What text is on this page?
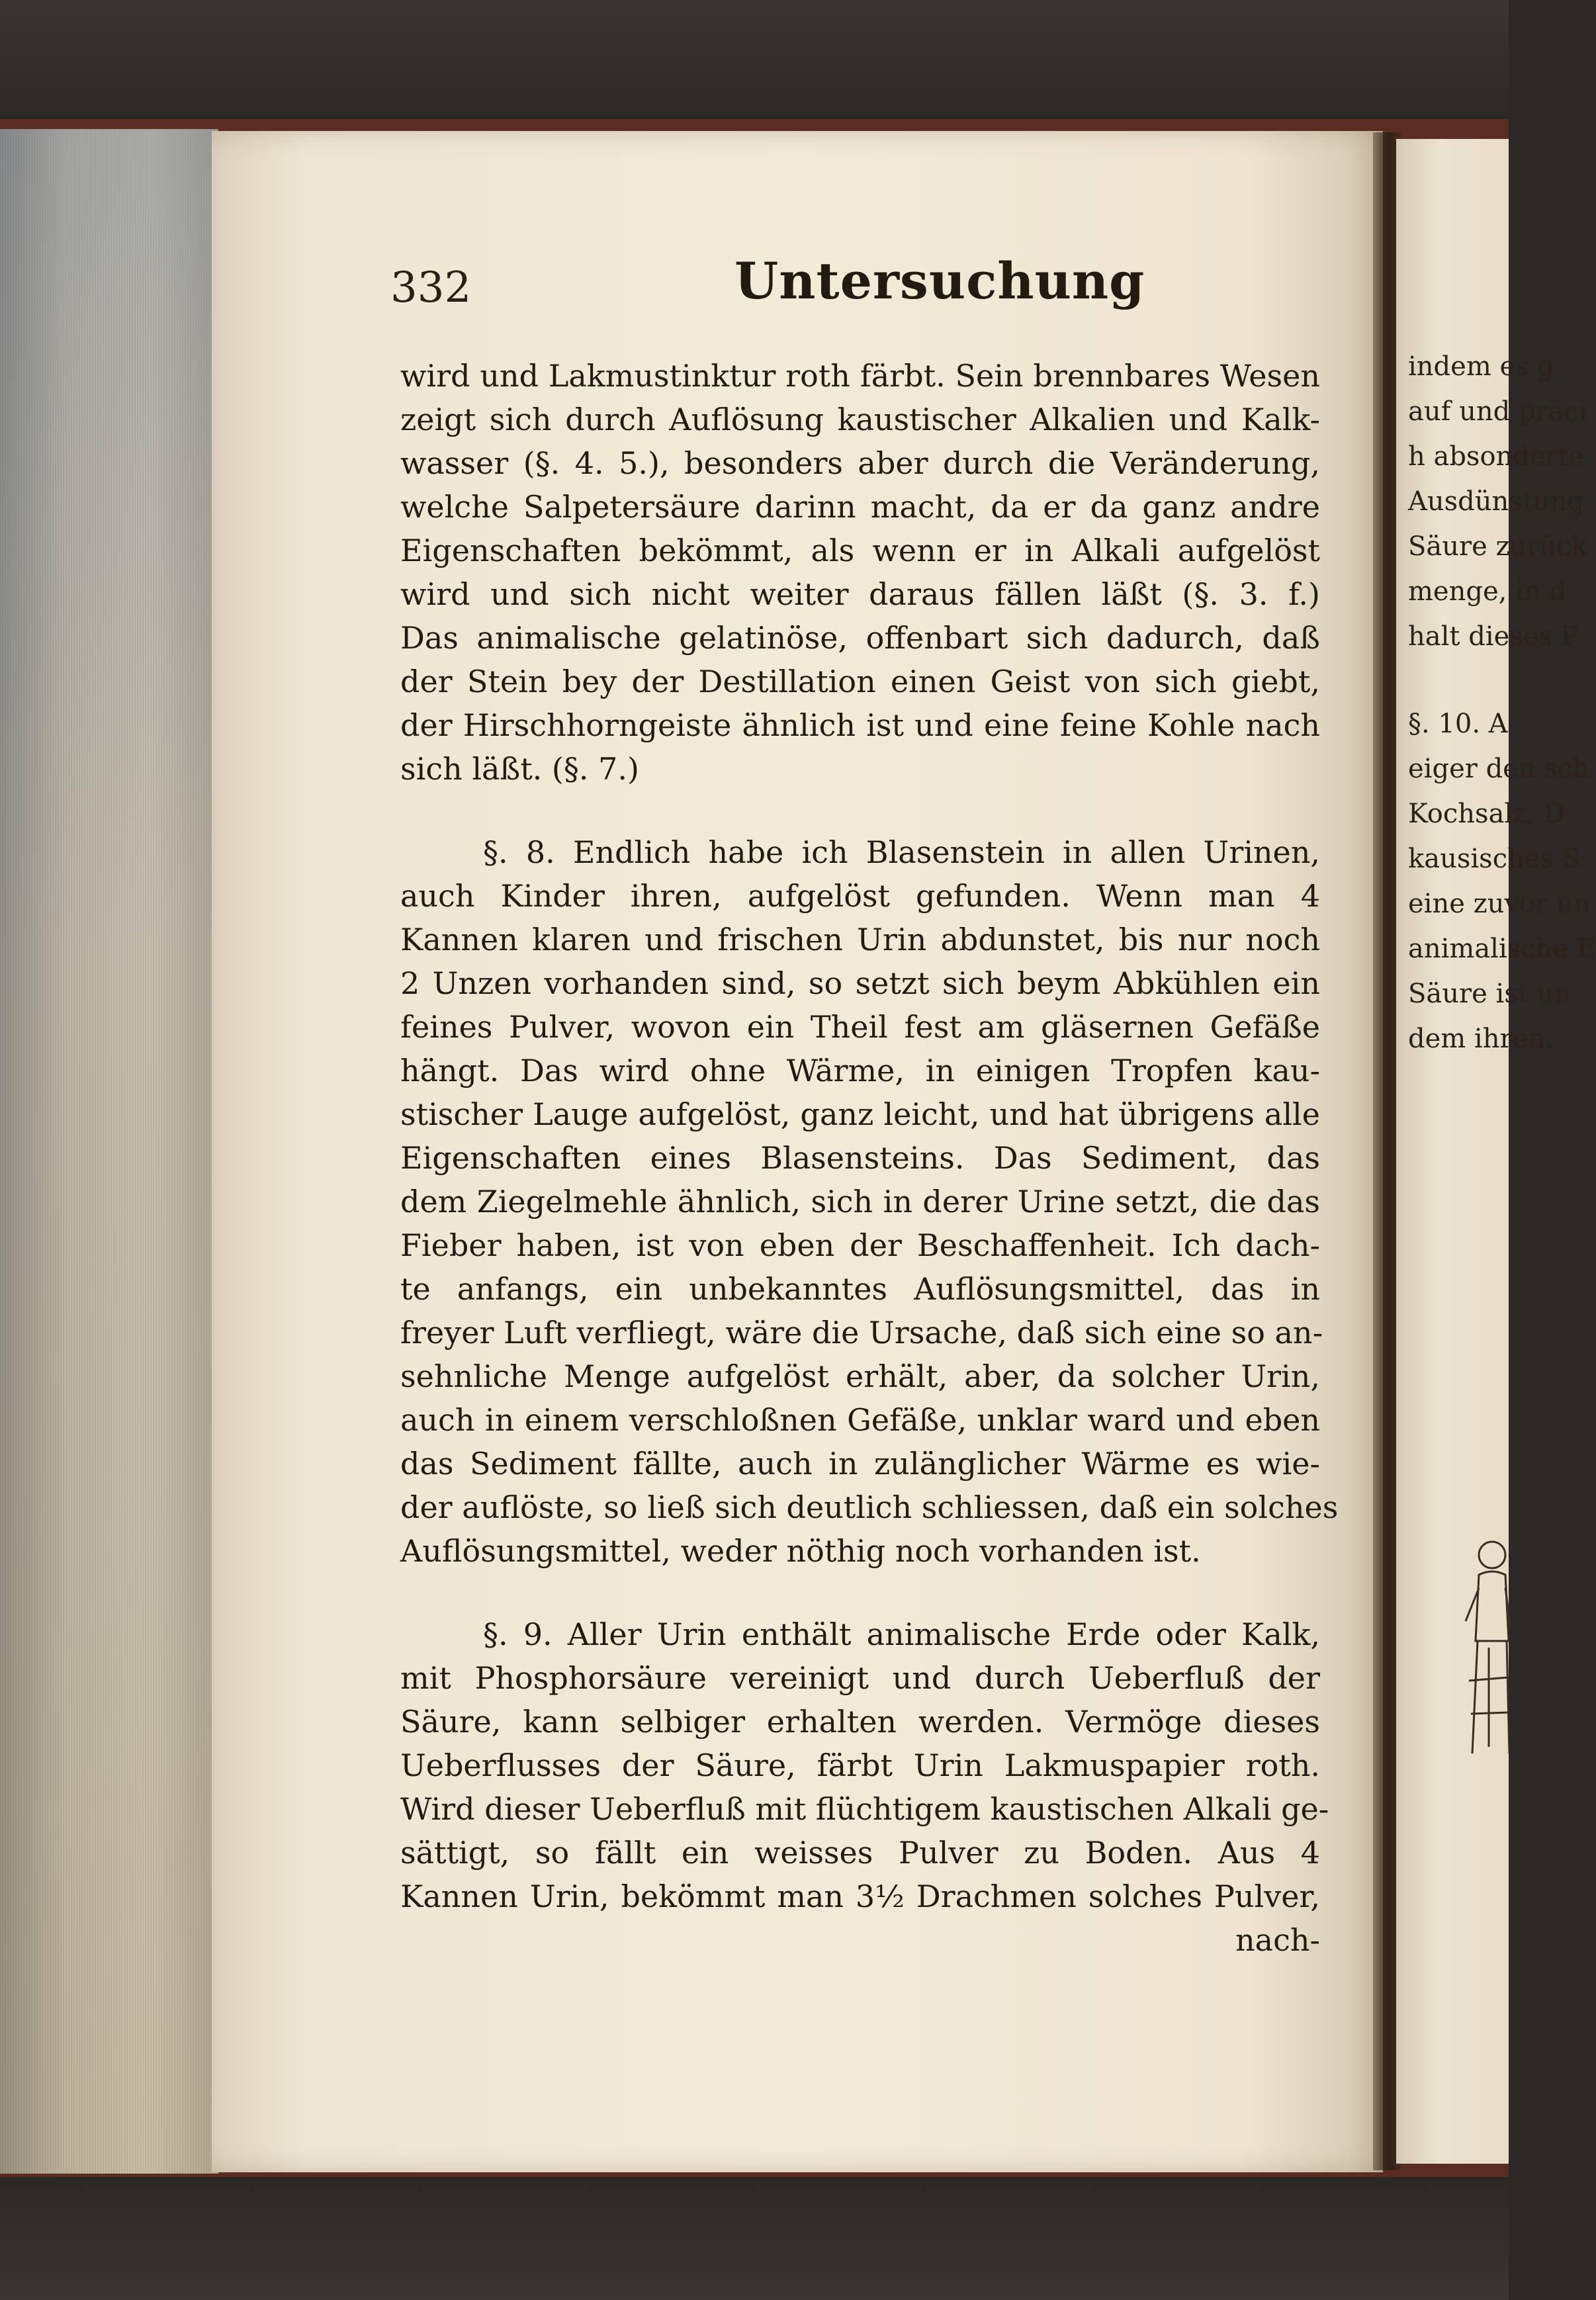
332	Untersuchung
wird und Lakmustinktur roth färbt. Sein brennbares Wesen
zeigt sich durch Auflösung kaustischer Alkalien und Kalk-
wasser (§. 4. 5.), besonders aber durch die Veränderung,
welche Salpetersäure darinn macht, da er da ganz andre
Eigenschaften bekömmt, als wenn er in Alkali aufgelöst
wird und sich nicht weiter daraus fällen läßt (§. 3. f.)
Das animalische gelatinöse, offenbart sich dadurch, daß
der Stein bey der Destillation einen Geist von sich giebt,
der Hirschhorngeiste ähnlich ist und eine feine Kohle nach
sich läßt. (§. 7.)
§. 8. Endlich habe ich Blasenstein in allen Urinen,
auch Kinder ihren, aufgelöst gefunden. Wenn man 4
Kannen klaren und frischen Urin abdunstet, bis nur noch
2 Unzen vorhanden sind, so setzt sich beym Abkühlen ein
feines Pulver, wovon ein Theil fest am gläsernen Gefäße
hängt. Das wird ohne Wärme, in einigen Tropfen kau-
stischer Lauge aufgelöst, ganz leicht, und hat übrigens alle
Eigenschaften eines Blasensteins. Das Sediment, das
dem Ziegelmehle ähnlich, sich in derer Urine setzt, die das
Fieber haben, ist von eben der Beschaffenheit. Ich dach-
te anfangs, ein unbekanntes Auflösungsmittel, das in
freyer Luft verfliegt, wäre die Ursache, daß sich eine so an-
sehnliche Menge aufgelöst erhält, aber, da solcher Urin,
auch in einem verschloßnen Gefäße, unklar ward und eben
das Sediment fällte, auch in zulänglicher Wärme es wie-
der auflöste, so ließ sich deutlich schliessen, daß ein solches
Auflösungsmittel, weder nöthig noch vorhanden ist.
§. 9. Aller Urin enthält animalische Erde oder Kalk,
mit Phosphorsäure vereinigt und durch Ueberfluß der
Säure, kann selbiger erhalten werden. Vermöge dieses
Ueberflusses der Säure, färbt Urin Lakmuspapier roth.
Wird dieser Ueberfluß mit flüchtigem kaustischen Alkali ge-
sättigt, so fällt ein weisses Pulver zu Boden. Aus 4
Kannen Urin, bekömmt man 3½ Drachmen solches Pulver,
nach-
indem es g
auf und präci
h absonderte
Ausdünstung
Säure zurück
menge, in d
halt dieses P
§. 10. A
eiger den sch
Kochsalz, D
kausisches S
eine zuvor un
animalische E
Säure ist un
dem ihren.
